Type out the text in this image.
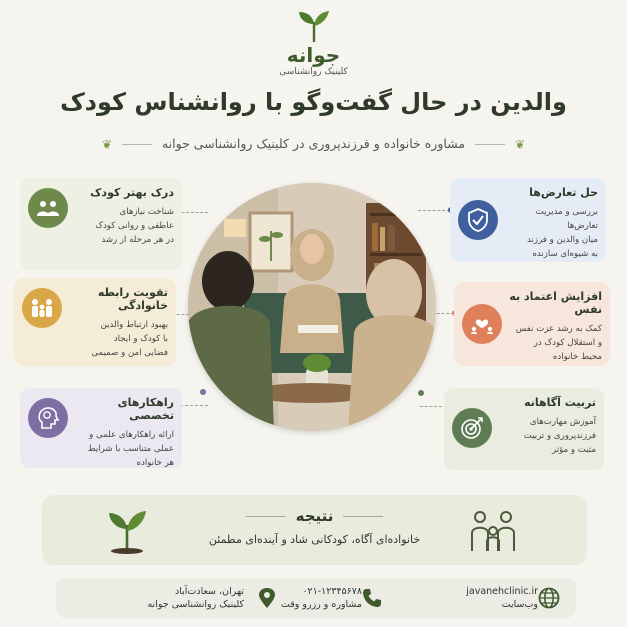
جوانه
کلینیک روانشناسی
والدین در حال گفت‌وگو با روانشناس کودک
❦  مشاوره خانواده و فرزندپروری در کلینیک روانشناسی جوانه  ❦
درک بهتر کودک
شناخت نیازهای
عاطفی و روانی کودک
در هر مرحله از رشد
تقویت رابطه خانوادگی
بهبود ارتباط والدین
با کودک و ایجاد
فضایی امن و صمیمی
راهکارهای تخصصی
ارائه راهکارهای علمی و
عملی متناسب با شرایط
هر خانواده
حل تعارض‌ها
بررسی و مدیریت تعارض‌ها
میان والدین و فرزند
به شیوه‌ای سازنده
افزایش اعتماد به نفس
کمک به رشد عزت نفس
و استقلال کودک در
محیط خانواده
تربیت آگاهانه
آموزش مهارت‌های
فرزندپروری و تربیت
مثبت و مؤثر
نتیجه
خانواده‌ای آگاه، کودکانی شاد و آینده‌ای مطمئن
تهران، سعادت‌آباد
کلینیک روانشناسی جوانه
۰۲۱-۱۲۳۴۵۶۷۸
مشاوره و رزرو وقت
javanehclinic.ir
وب‌سایت
